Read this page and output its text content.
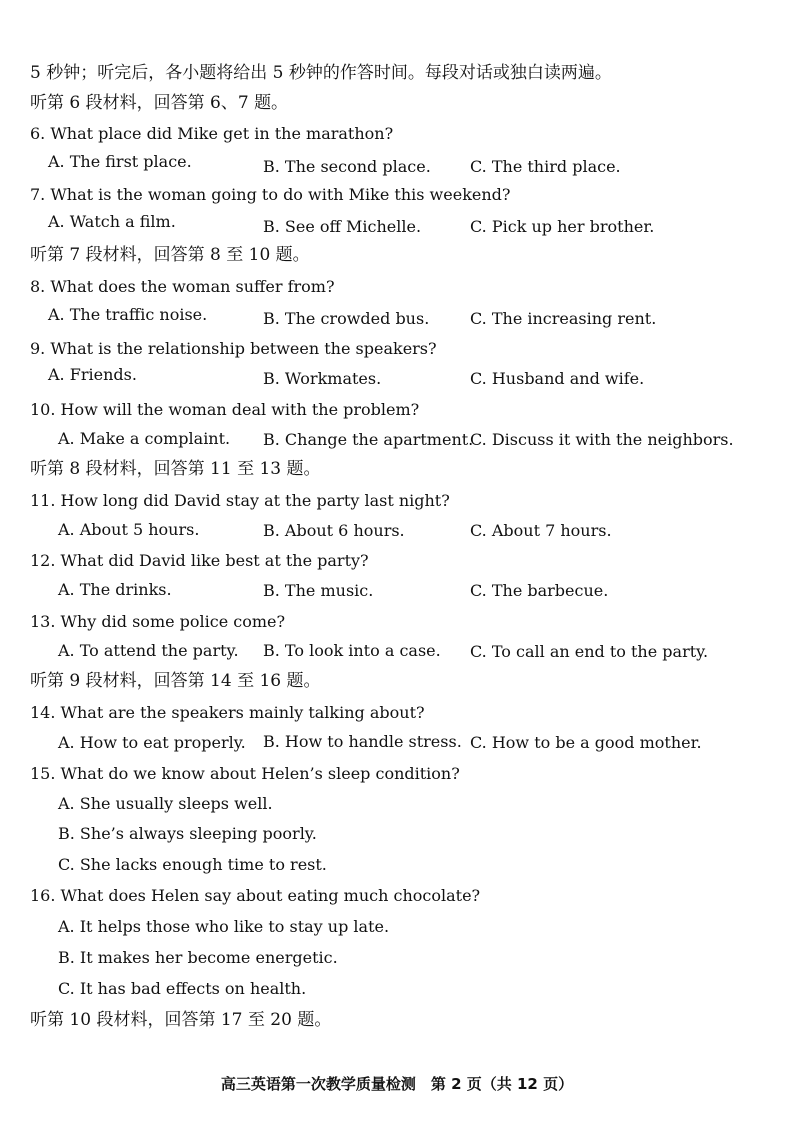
5 秒钟；听完后，各小题将给出 5 秒钟的作答时间。每段对话或独白读两遍。
听第 6 段材料，回答第 6、7 题。
6. What place did Mike get in the marathon?
A. The first place.	B. The second place. C. The third place.
7. What is the woman going to do with Mike this weekend?
A. Watch a film.	B. See off Michelle.	C. Pick up her brother.
听第 7 段材料，回答第 8 至 10 题。
8. What does the woman suffer from?
A. The traffic noise.	B. The crowded bus.	C. The increasing rent.
9. What is the relationship between the speakers?
A. Friends.	B. Workmates.	C. Husband and wife.
10. How will the woman deal with the problem?
A. Make a complaint. B. Change the apartment.
C. Discuss it with the neighbors.
听第 8 段材料，回答第 11 至 13 题。
11. How long did David stay at the party last night?
A. About 5 hours.	B. About 6 hours.	C. About 7 hours.
12. What did David like best at the party?
A. The drinks.	B. The music.	C. The barbecue.
13. Why did some police come?
A. To attend the party. B. To look into a case. C. To call an end to the party.
听第 9 段材料，回答第 14 至 16 题。
14. What are the speakers mainly talking about?
A. How to eat properly. B. How to handle stress. C. How to be a good mother.
15. What do we know about Helen’s sleep condition?
A. She usually sleeps well.
B. She’s always sleeping poorly.
C. She lacks enough time to rest.
16. What does Helen say about eating much chocolate?
A. It helps those who like to stay up late.
B. It makes her become energetic.
C. It has bad effects on health.
听第 10 段材料，回答第 17 至 20 题。
高三英语第一次教学质量检测　第 2 页（共 12 页）
